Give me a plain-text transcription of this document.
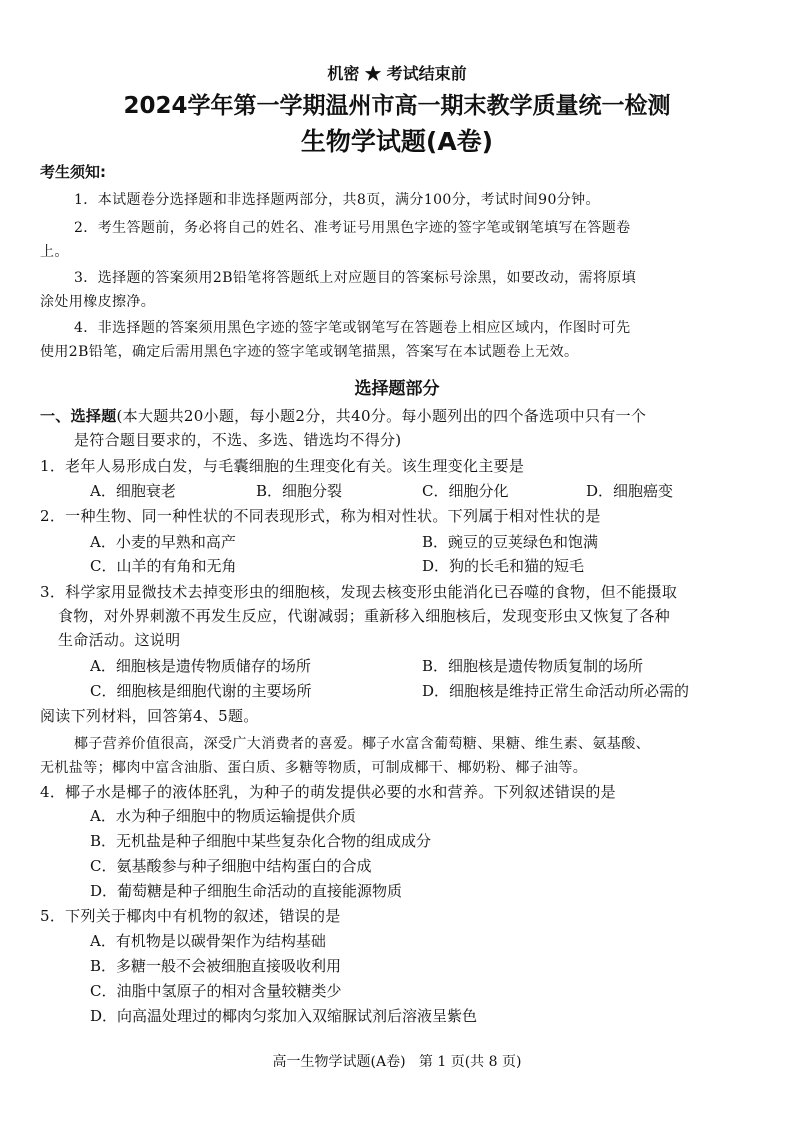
机密 ★ 考试结束前
2024学年第一学期温州市高一期末教学质量统一检测
生物学试题(A卷)
考生须知:
1．本试题卷分选择题和非选择题两部分，共8页，满分100分，考试时间90分钟。
2．考生答题前，务必将自己的姓名、准考证号用黑色字迹的签字笔或钢笔填写在答题卷
上。
3．选择题的答案须用2B铅笔将答题纸上对应题目的答案标号涂黑，如要改动，需将原填
涂处用橡皮擦净。
4．非选择题的答案须用黑色字迹的签字笔或钢笔写在答题卷上相应区域内，作图时可先
使用2B铅笔，确定后需用黑色字迹的签字笔或钢笔描黑，答案写在本试题卷上无效。
选择题部分
一、选择题(本大题共20小题，每小题2分，共40分。每小题列出的四个备选项中只有一个
是符合题目要求的，不选、多选、错选均不得分)
1．老年人易形成白发，与毛囊细胞的生理变化有关。该生理变化主要是
A．细胞衰老	B．细胞分裂	C．细胞分化	D．细胞癌变
2．一种生物、同一种性状的不同表现形式，称为相对性状。下列属于相对性状的是
A．小麦的早熟和高产	B．豌豆的豆荚绿色和饱满
C．山羊的有角和无角	D．狗的长毛和猫的短毛
3．科学家用显微技术去掉变形虫的细胞核，发现去核变形虫能消化已吞噬的食物，但不能摄取
食物，对外界刺激不再发生反应，代谢减弱；重新移入细胞核后，发现变形虫又恢复了各种
生命活动。这说明
A．细胞核是遗传物质储存的场所	B．细胞核是遗传物质复制的场所
C．细胞核是细胞代谢的主要场所	D．细胞核是维持正常生命活动所必需的
阅读下列材料，回答第4、5题。
椰子营养价值很高，深受广大消费者的喜爱。椰子水富含葡萄糖、果糖、维生素、氨基酸、
无机盐等；椰肉中富含油脂、蛋白质、多糖等物质，可制成椰干、椰奶粉、椰子油等。
4．椰子水是椰子的液体胚乳，为种子的萌发提供必要的水和营养。下列叙述错误的是
A．水为种子细胞中的物质运输提供介质
B．无机盐是种子细胞中某些复杂化合物的组成成分
C．氨基酸参与种子细胞中结构蛋白的合成
D．葡萄糖是种子细胞生命活动的直接能源物质
5．下列关于椰肉中有机物的叙述，错误的是
A．有机物是以碳骨架作为结构基础
B．多糖一般不会被细胞直接吸收利用
C．油脂中氢原子的相对含量较糖类少
D．向高温处理过的椰肉匀浆加入双缩脲试剂后溶液呈紫色
高一生物学试题(A卷)   第 1 页(共 8 页)
